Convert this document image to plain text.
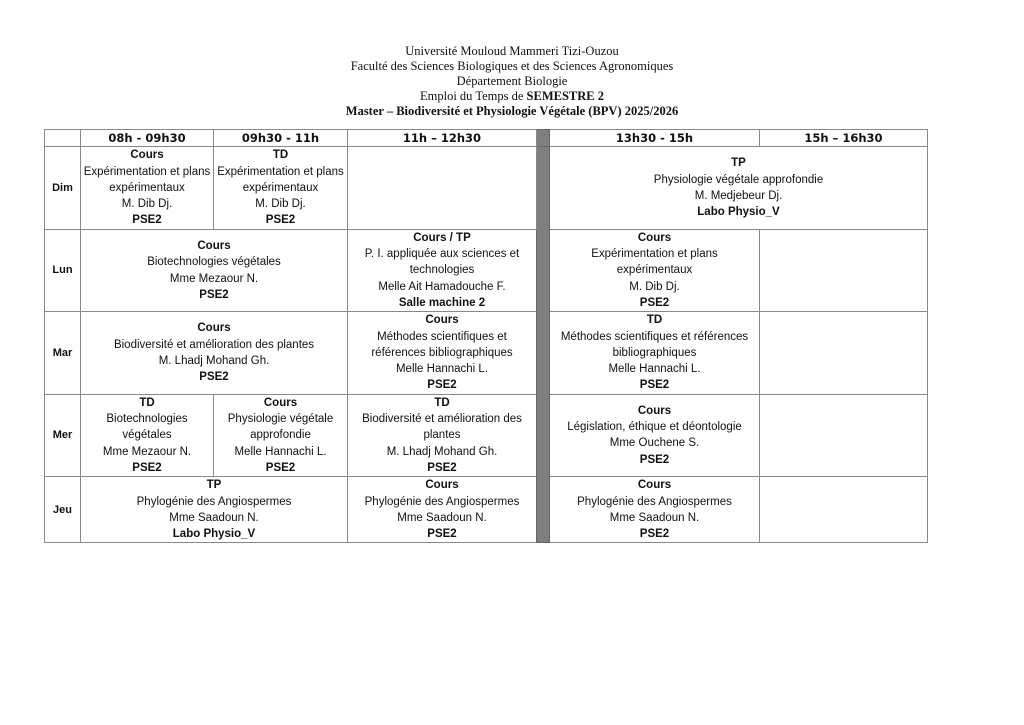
Université Mouloud Mammeri Tizi-Ouzou
Faculté des Sciences Biologiques et des Sciences Agronomiques
Département Biologie
Emploi du Temps de SEMESTRE 2
Master – Biodiversité et Physiologie Végétale (BPV) 2025/2026
	08h - 09h30	09h30 - 11h	11h – 12h30		13h30 - 15h	15h – 16h30
Dim	Cours
Expérimentation et plans expérimentaux
M. Dib Dj.
PSE2	TD
Expérimentation et plans expérimentaux
M. Dib Dj.
PSE2			TP
Physiologie végétale approfondie
M. Medjebeur Dj.
Labo Physio_V	

Lun	Cours
Biotechnologies végétales
Mme Mezaour N.
PSE2		Cours / TP
P. I. appliquée aux sciences et technologies
Melle Ait Hamadouche F.
Salle machine 2		Cours
Expérimentation et plans expérimentaux
M. Dib Dj.
PSE2	

Mar	Cours
Biodiversité et amélioration des plantes
M. Lhadj Mohand Gh.
PSE2		Cours
Méthodes scientifiques et références bibliographiques
Melle Hannachi L.
PSE2		TD
Méthodes scientifiques et références bibliographiques
Melle Hannachi L.
PSE2	

Mer	TD
Biotechnologies végétales
Mme Mezaour N.
PSE2	Cours
Physiologie végétale approfondie
Melle Hannachi L.
PSE2	TD
Biodiversité et amélioration des plantes
M. Lhadj Mohand Gh.
PSE2		Cours
Législation, éthique et déontologie
Mme Ouchene S.
PSE2	

Jeu	TP
Phylogénie des Angiospermes
Mme Saadoun N.
Labo Physio_V		Cours
Phylogénie des Angiospermes
Mme Saadoun N.
PSE2		Cours
Phylogénie des Angiospermes
Mme Saadoun N.
PSE2	
